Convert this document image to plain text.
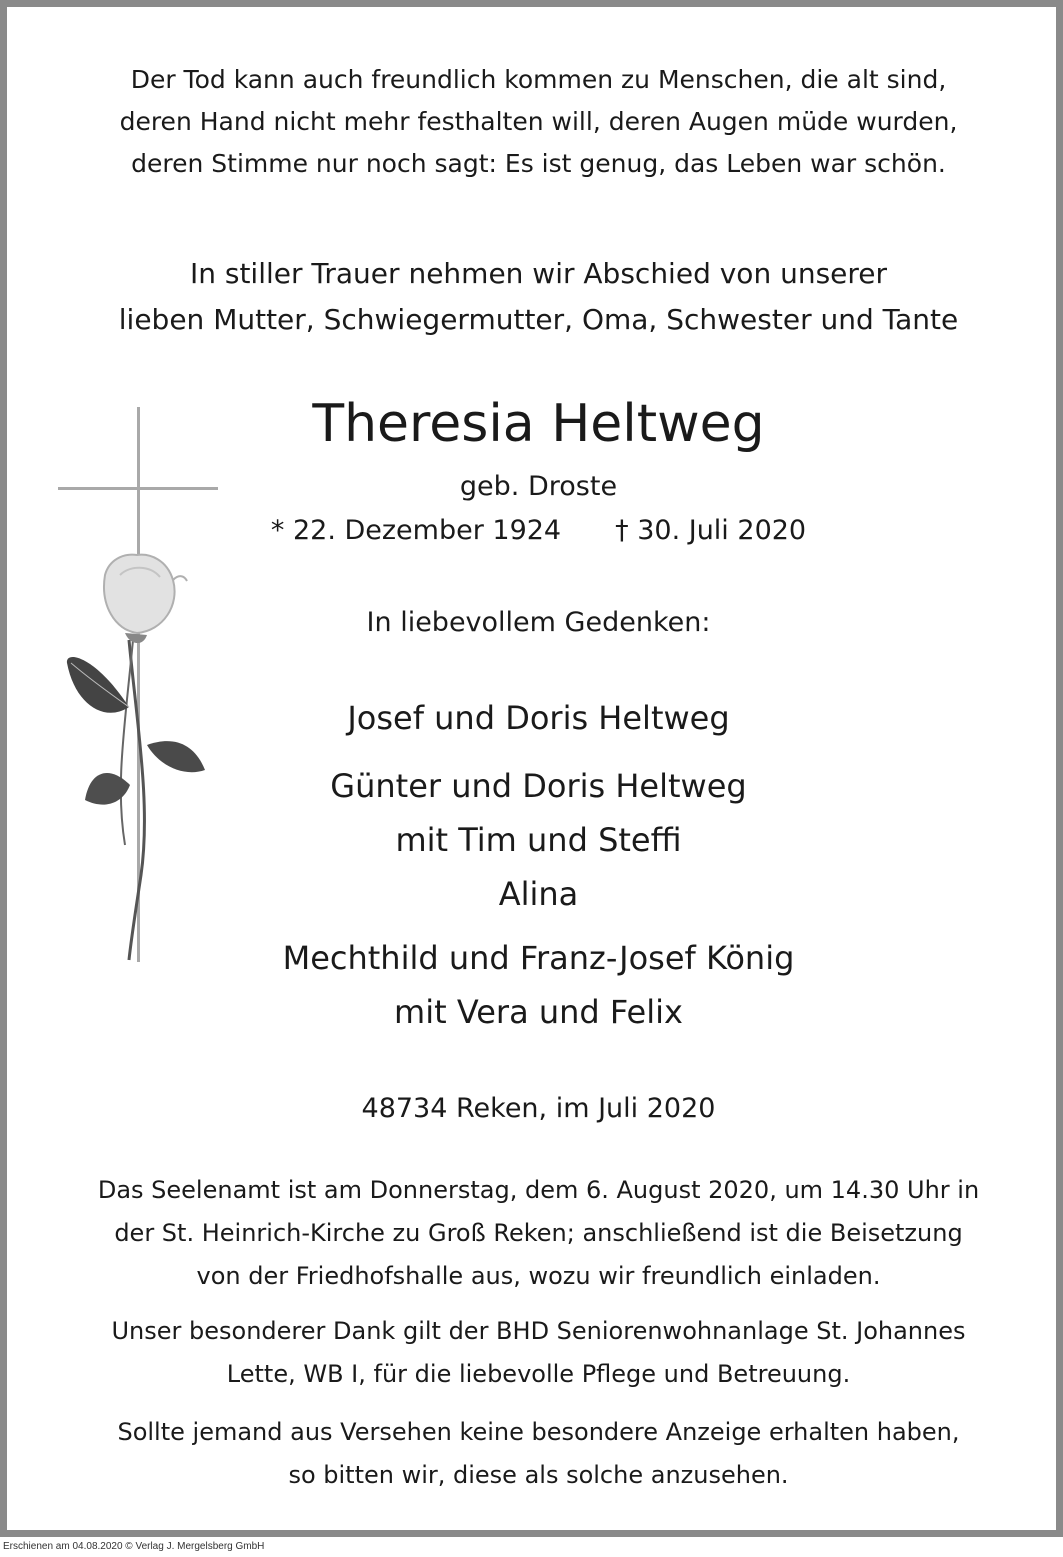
Der Tod kann auch freundlich kommen zu Menschen, die alt sind,
deren Hand nicht mehr festhalten will, deren Augen müde wurden,
deren Stimme nur noch sagt: Es ist genug, das Leben war schön.
In stiller Trauer nehmen wir Abschied von unserer
lieben Mutter, Schwiegermutter, Oma, Schwester und Tante
Theresia Heltweg
geb. Droste
* 22. Dezember 1924 † 30. Juli 2020
In liebevollem Gedenken:
Josef und Doris Heltweg
Günter und Doris Heltweg
mit Tim und Steffi
Alina
Mechthild und Franz-Josef König
mit Vera und Felix
48734 Reken, im Juli 2020
Das Seelenamt ist am Donnerstag, dem 6. August 2020, um 14.30 Uhr in
der St. Heinrich-Kirche zu Groß Reken; anschließend ist die Beisetzung
von der Friedhofshalle aus, wozu wir freundlich einladen.
Unser besonderer Dank gilt der BHD Seniorenwohnanlage St. Johannes
Lette, WB I, für die liebevolle Pflege und Betreuung.
Sollte jemand aus Versehen keine besondere Anzeige erhalten haben,
so bitten wir, diese als solche anzusehen.
Erschienen am 04.08.2020 © Verlag J. Mergelsberg GmbH
